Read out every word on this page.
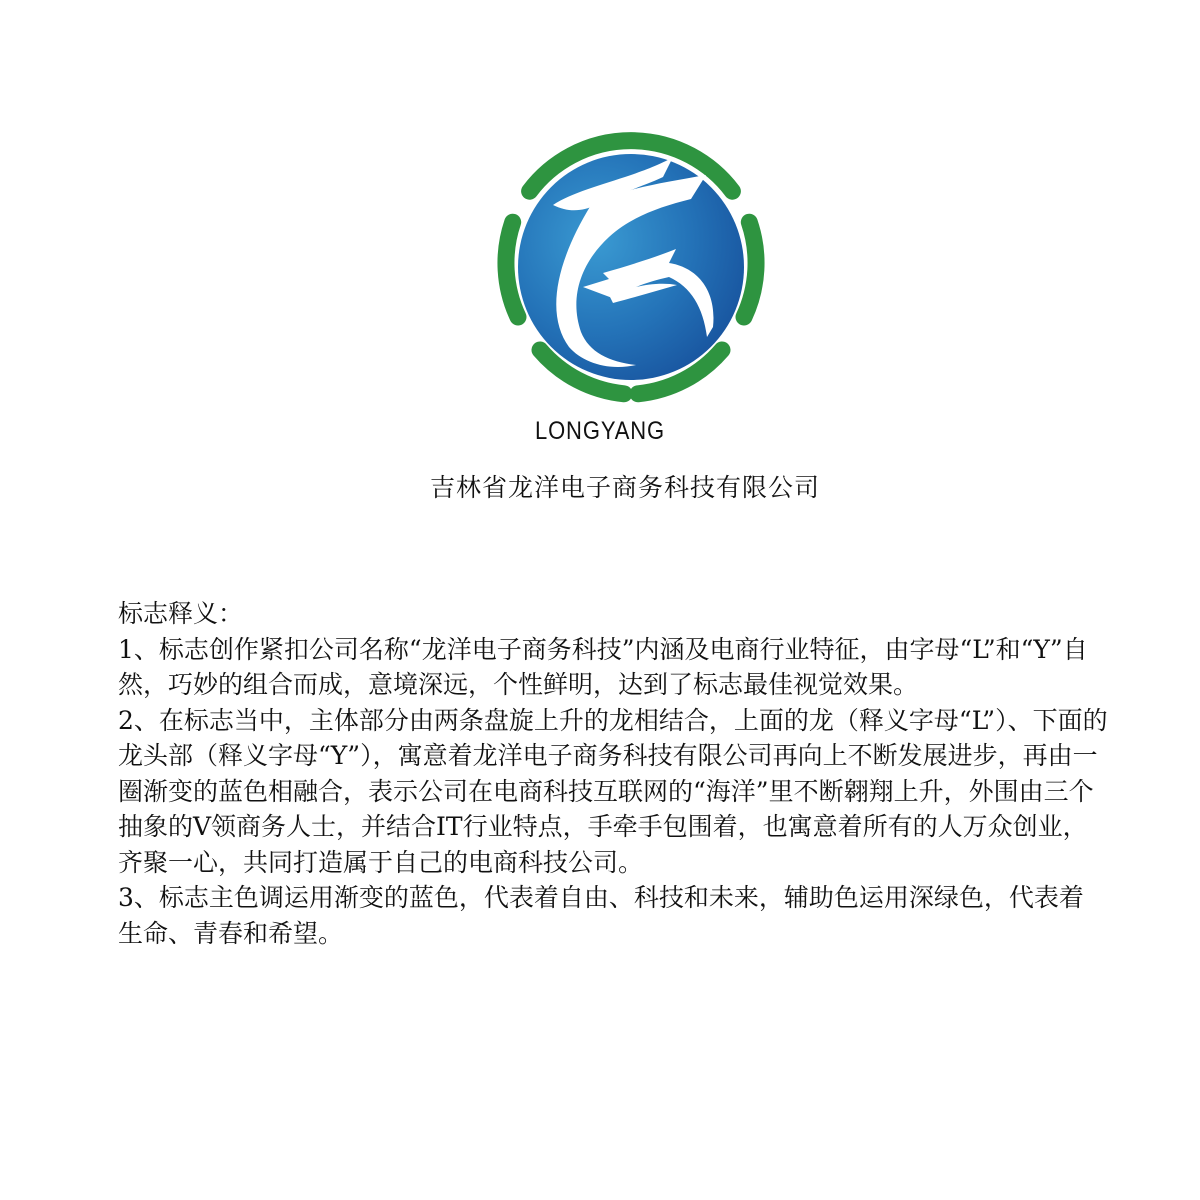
LONGYANG
吉林省龙洋电子商务科技有限公司

标志释义：

1、标志创作紧扣公司名称“龙洋电子商务科技”内涵及电商行业特征，由字母“L”和“Y”自然，巧妙的组合而成，意境深远，个性鲜明，达到了标志最佳视觉效果。

2、在标志当中，主体部分由两条盘旋上升的龙相结合，上面的龙（释义字母“L”）、下面的龙头部（释义字母“Y”），寓意着龙洋电子商务科技有限公司再向上不断发展进步，再由一圈渐变的蓝色相融合，表示公司在电商科技互联网的“海洋”里不断翱翔上升，外围由三个抽象的V领商务人士，并结合IT行业特点，手牵手包围着，也寓意着所有的人万众创业，齐聚一心，共同打造属于自己的电商科技公司。

3、标志主色调运用渐变的蓝色，代表着自由、科技和未来，辅助色运用深绿色，代表着生命、青春和希望。
